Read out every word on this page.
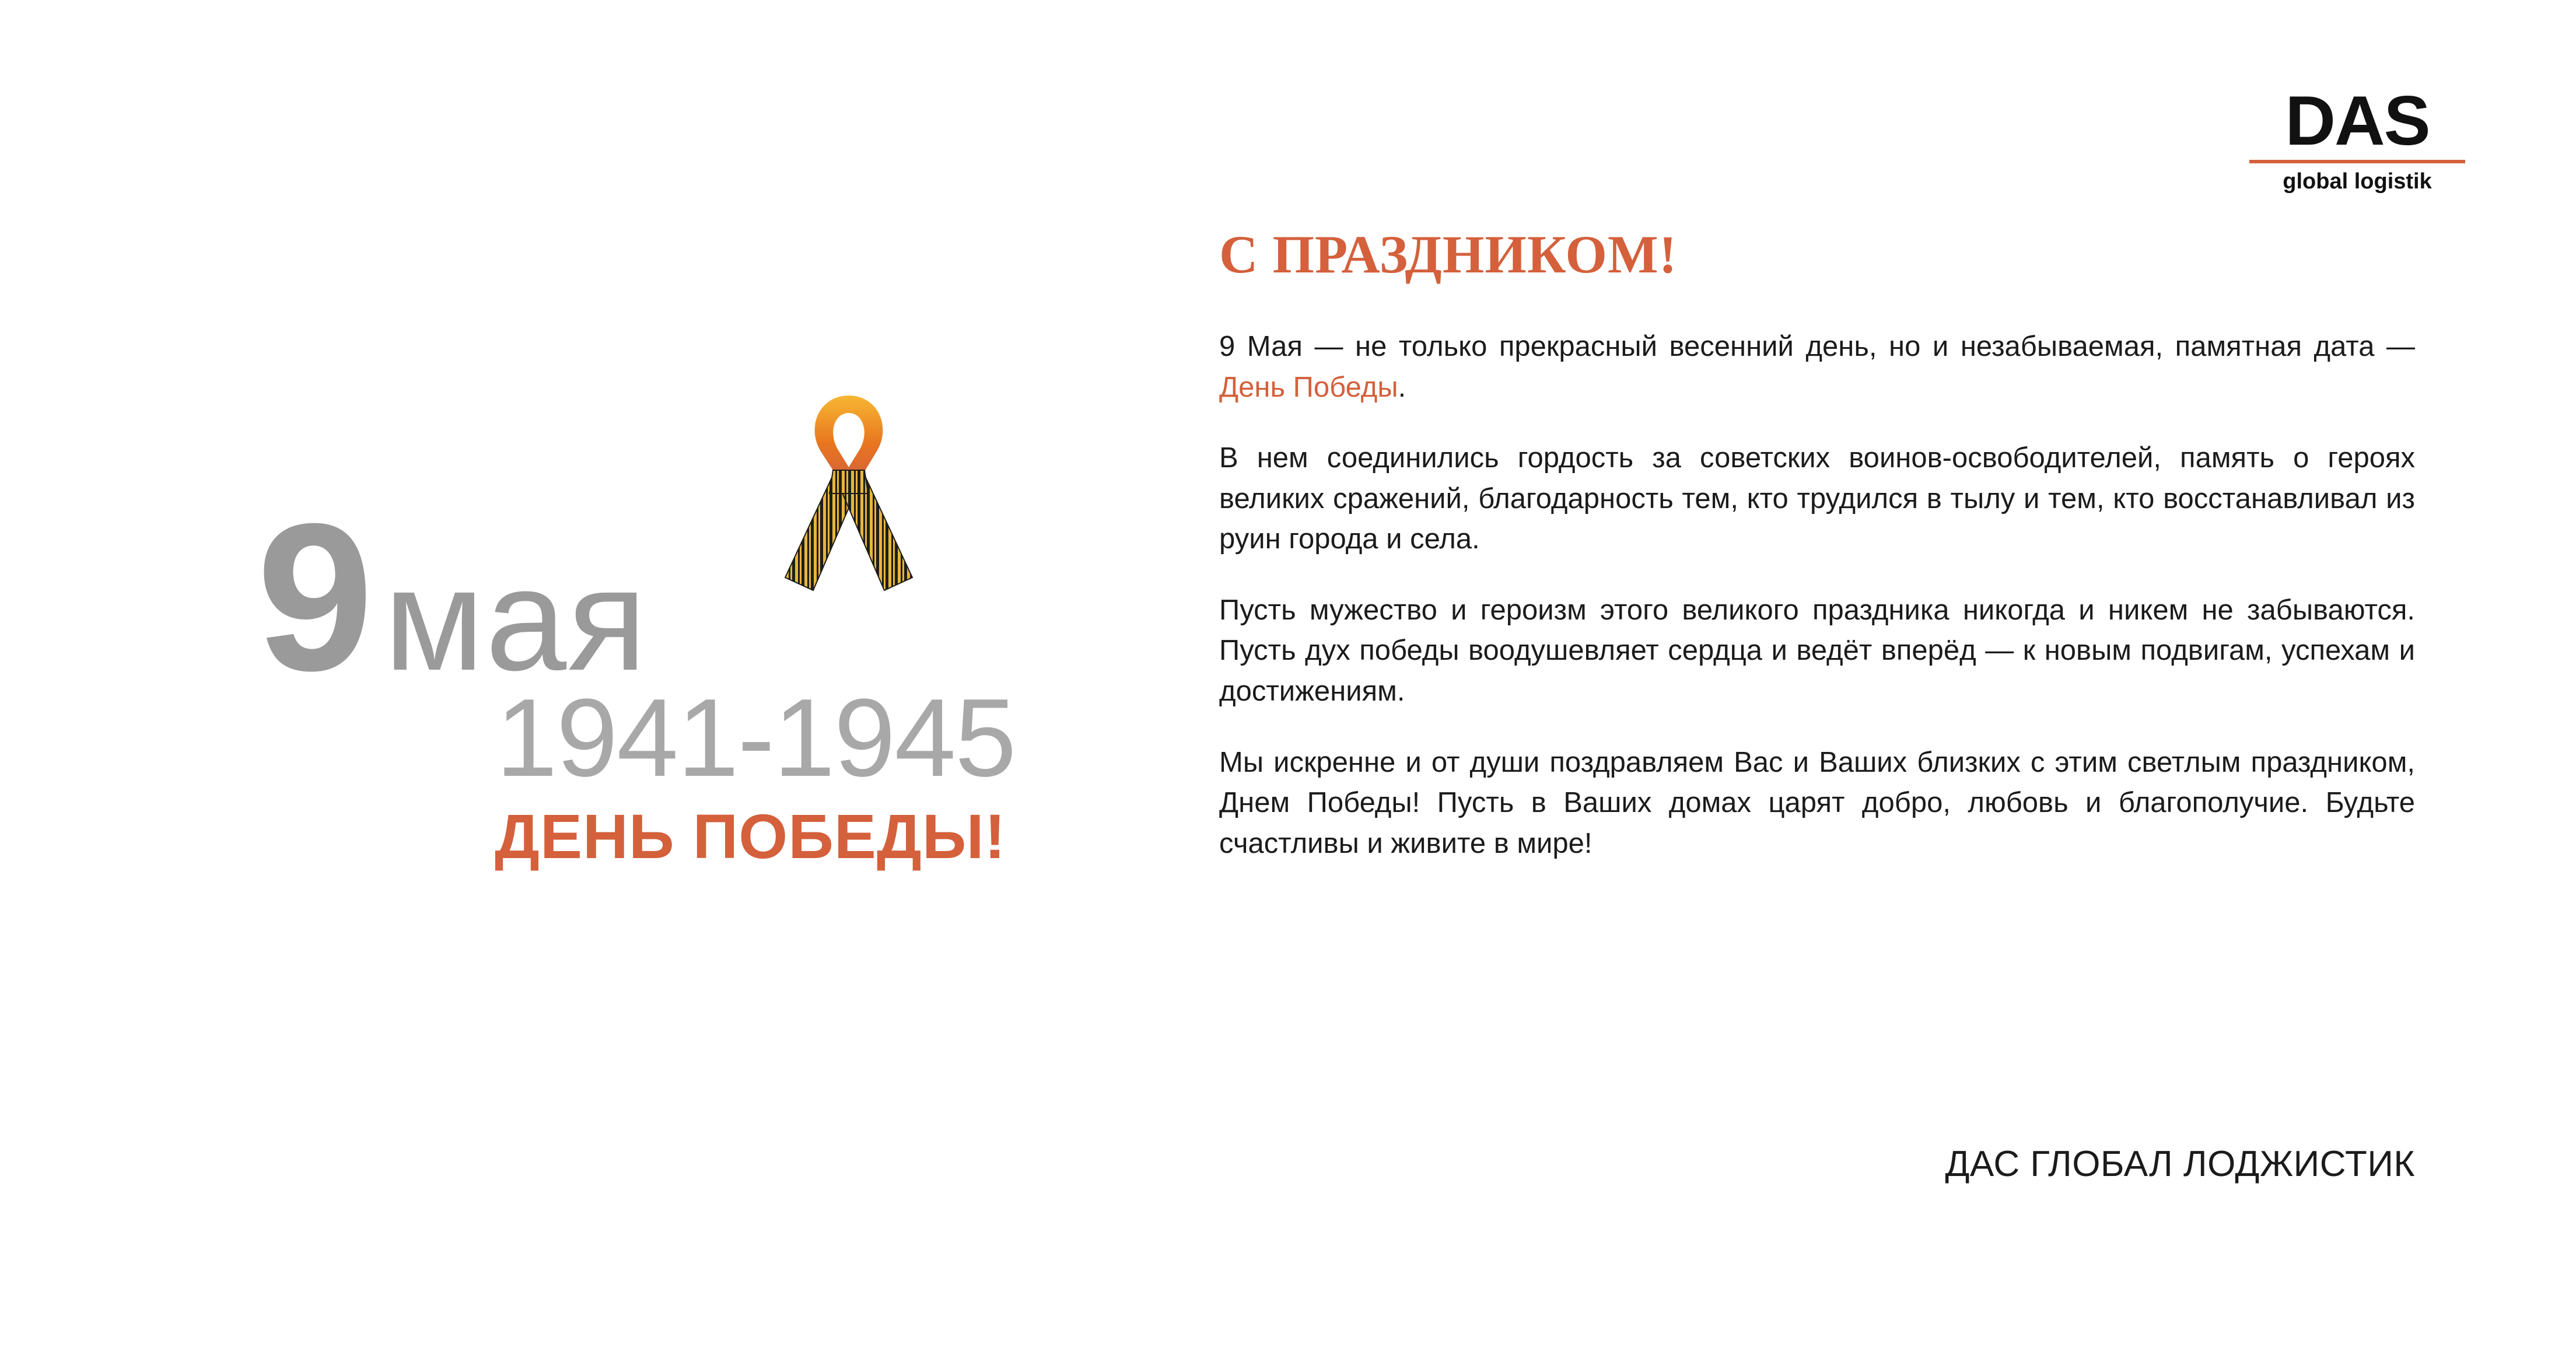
9 мая
1941-1945
ДЕНЬ ПОБЕДЫ!
DAS
global logistik
С ПРАЗДНИКОМ!

9 Мая — не только прекрасный весенний день, но и незабываемая, памятная дата — День Победы.

В нем соединились гордость за советских воинов-освободителей, память о героях великих сражений, благодарность тем, кто трудился в тылу и тем, кто восстанавливал из руин города и села.

Пусть мужество и героизм этого великого праздника никогда и никем не забываются. Пусть дух победы воодушевляет сердца и ведёт вперёд — к новым подвигам, успехам и достижениям.

Мы искренне и от души поздравляем Вас и Ваших близких с этим светлым праздником, Днем Победы! Пусть в Ваших домах царят добро, любовь и благополучие. Будьте счастливы и живите в мире!

ДАС ГЛОБАЛ ЛОДЖИСТИК
